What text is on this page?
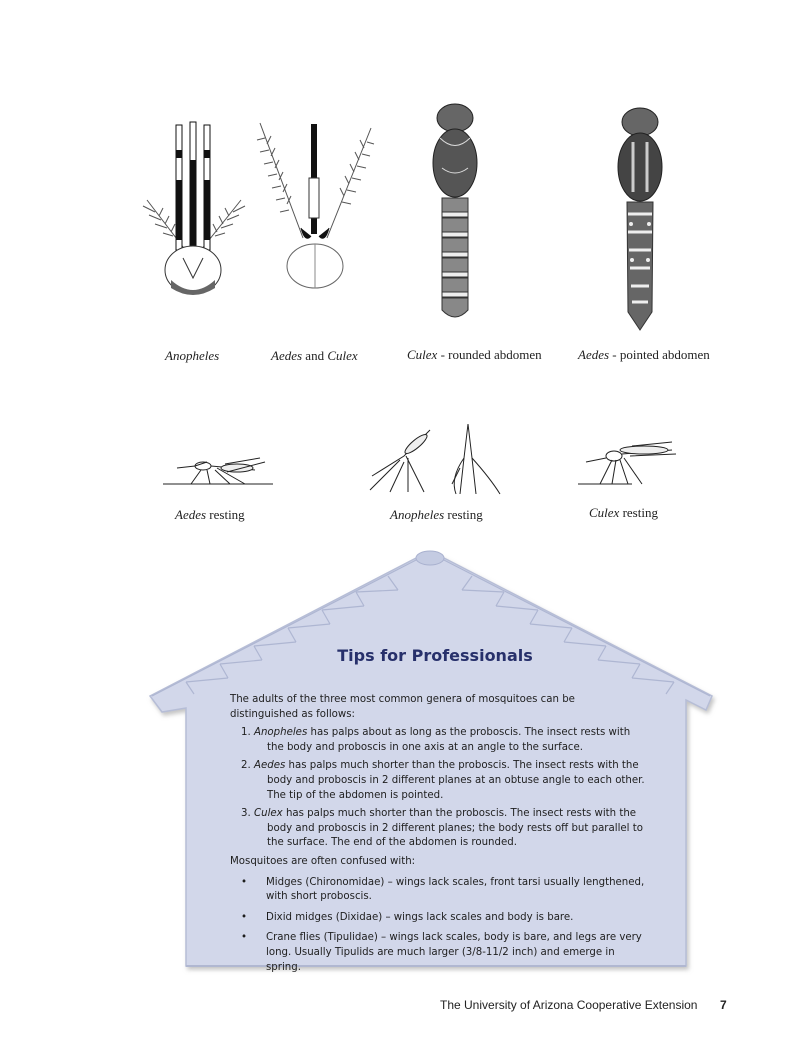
Anopheles	Aedes and Culex	Culex - rounded abdomen	Aedes - pointed abdomen
Aedes resting	Anopheles resting	Culex resting
Tips for Professionals

The adults of the three most common genera of mosquitoes can be distinguished as follows:

1. Anopheles has palps about as long as the proboscis. The insect rests with the body and proboscis in one axis at an angle to the surface.
2. Aedes has palps much shorter than the proboscis. The insect rests with the body and proboscis in 2 different planes at an obtuse angle to each other. The tip of the abdomen is pointed.
3. Culex has palps much shorter than the proboscis. The insect rests with the body and proboscis in 2 different planes; the body rests off but parallel to the surface. The end of the abdomen is rounded.

Mosquitoes are often confused with:

• Midges (Chironomidae) – wings lack scales, front tarsi usually lengthened, with short proboscis.
• Dixid midges (Dixidae) – wings lack scales and body is bare.
• Crane flies (Tipulidae) – wings lack scales, body is bare, and legs are very long. Usually Tipulids are much larger (3/8-11/2 inch) and emerge in spring.
The University of Arizona Cooperative Extension 7
